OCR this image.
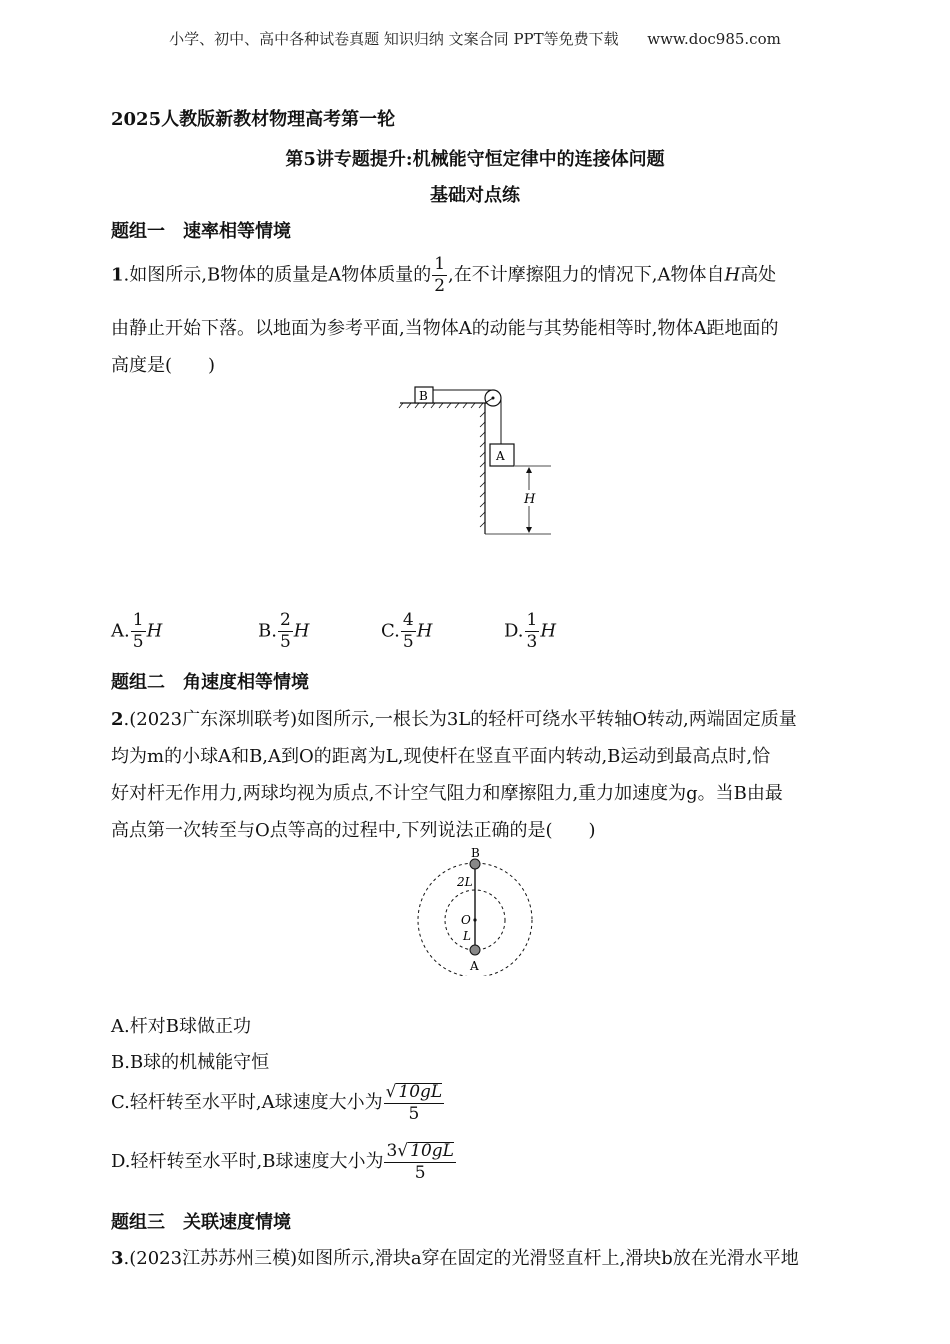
小学、初中、高中各种试卷真题 知识归纳 文案合同 PPT等免费下载      www.doc985.com
2025人教版新教材物理高考第一轮
第5讲专题提升:机械能守恒定律中的连接体问题
基础对点练
题组一　速率相等情境
1.如图所示,B物体的质量是A物体质量的 $\frac{1}{2}$ ,在不计摩擦阻力的情况下,A物体自H高处
由静止开始下落。以地面为参考平面,当物体A的动能与其势能相等时,物体A距地面的
高度是(　　)
B
A
H
A. $\frac{1}{5}$ H	B. $\frac{2}{5}$ H	C. $\frac{4}{5}$ H	D. $\frac{1}{3}$ H
题组二　角速度相等情境
2.(2023广东深圳联考)如图所示,一根长为3L的轻杆可绕水平转轴O转动,两端固定质量
均为m的小球A和B,A到O的距离为L,现使杆在竖直平面内转动,B运动到最高点时,恰
好对杆无作用力,两球均视为质点,不计空气阻力和摩擦阻力,重力加速度为g。当B由最
高点第一次转至与O点等高的过程中,下列说法正确的是(　　)
B
2L
O
L
A
A.杆对B球做正功
B.B球的机械能守恒
C.轻杆转至水平时,A球速度大小为 $\frac{√ 10gL}{5}$
D.轻杆转至水平时,B球速度大小为 $\frac{3√ 10gL}{5}$
题组三　关联速度情境
3.(2023江苏苏州三模)如图所示,滑块a穿在固定的光滑竖直杆上,滑块b放在光滑水平地
